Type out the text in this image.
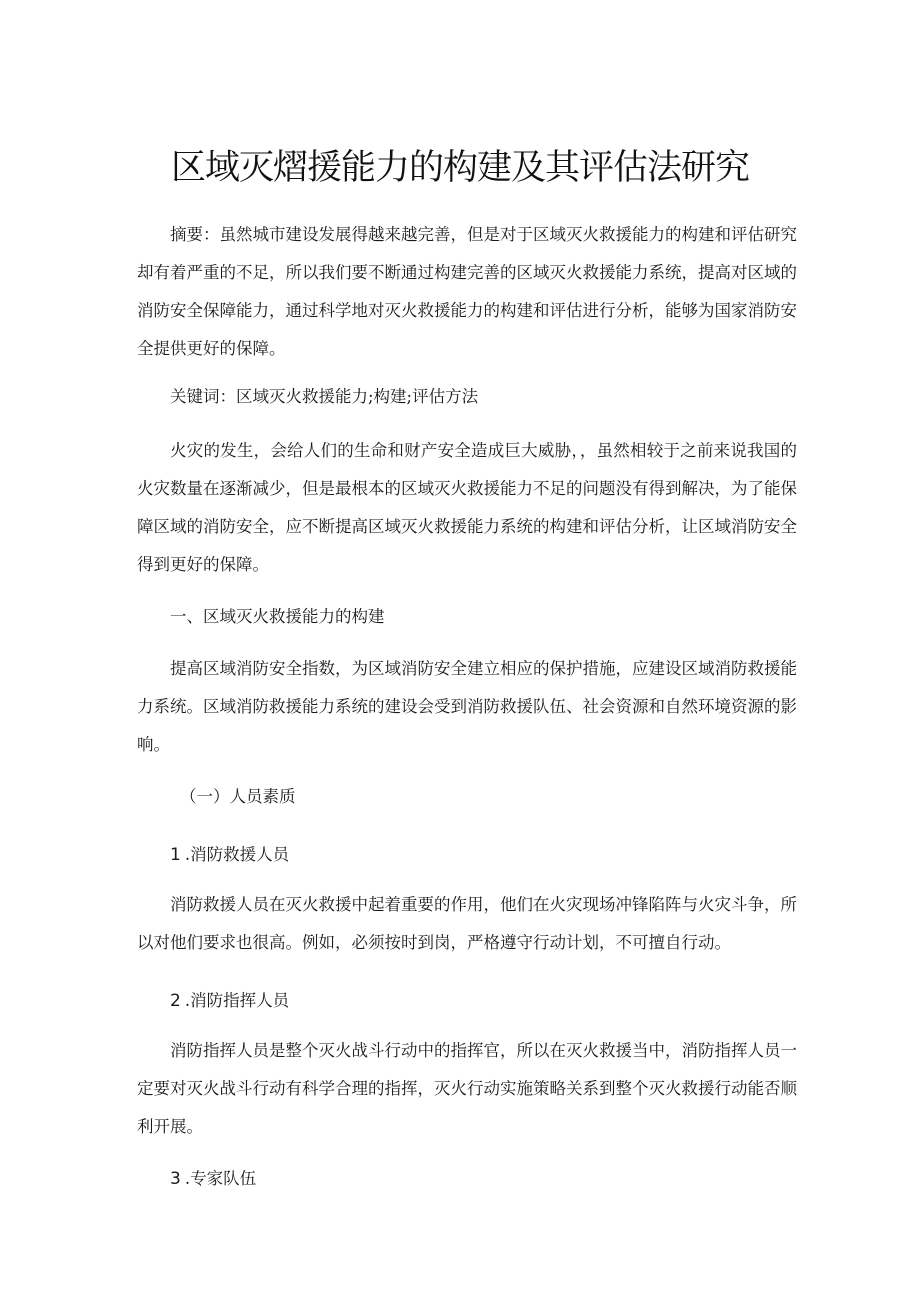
区域灭熠援能力的构建及其评估法研究

摘要：虽然城市建设发展得越来越完善，但是对于区域灭火救援能力的构建和评估研究却有着严重的不足，所以我们要不断通过构建完善的区域灭火救援能力系统，提高对区域的消防安全保障能力，通过科学地对灭火救援能力的构建和评估进行分析，能够为国家消防安全提供更好的保障。

关键词：区域灭火救援能力;构建;评估方法

火灾的发生，会给人们的生命和财产安全造成巨大威胁，，虽然相较于之前来说我国的火灾数量在逐渐减少，但是最根本的区域灭火救援能力不足的问题没有得到解决，为了能保障区域的消防安全，应不断提高区域灭火救援能力系统的构建和评估分析，让区域消防安全得到更好的保障。

一、区域灭火救援能力的构建

提高区域消防安全指数，为区域消防安全建立相应的保护措施，应建设区域消防救援能力系统。区域消防救援能力系统的建设会受到消防救援队伍、社会资源和自然环境资源的影响。

（一）人员素质

1 .消防救援人员

消防救援人员在灭火救援中起着重要的作用，他们在火灾现场冲锋陷阵与火灾斗争，所以对他们要求也很高。例如，必须按时到岗，严格遵守行动计划，不可擅自行动。

2 .消防指挥人员

消防指挥人员是整个灭火战斗行动中的指挥官，所以在灭火救援当中，消防指挥人员一定要对灭火战斗行动有科学合理的指挥，灭火行动实施策略关系到整个灭火救援行动能否顺利开展。

3 .专家队伍
